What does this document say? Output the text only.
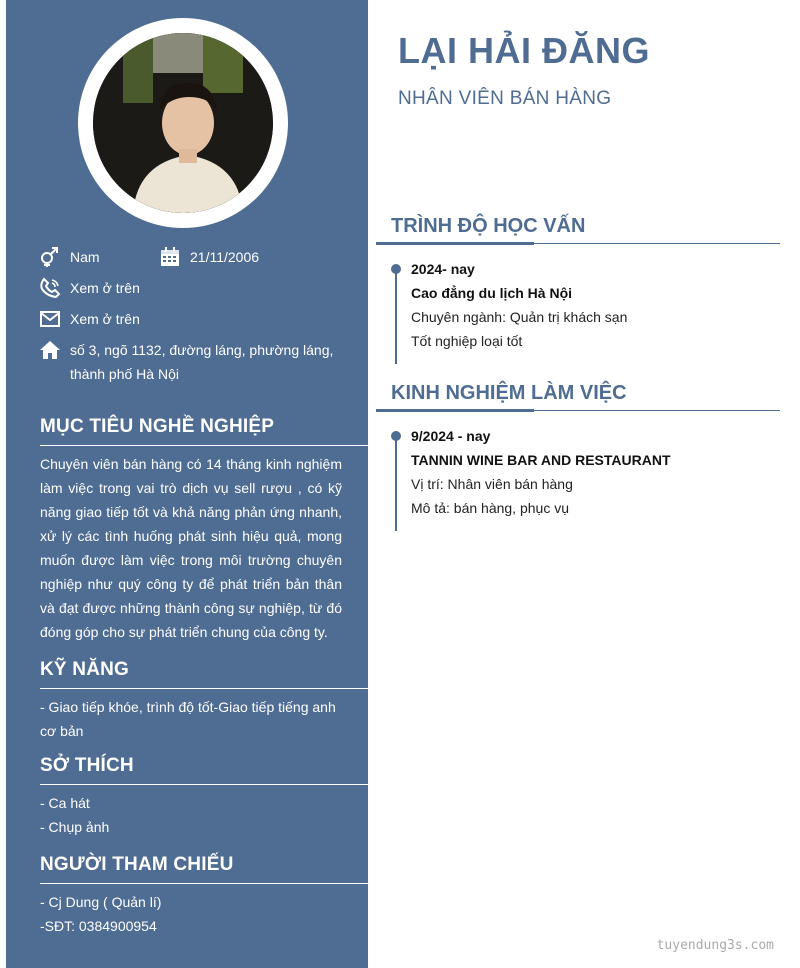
Nam	21/11/2006
Xem ở trên
Xem ở trên
số 3, ngõ 1132, đường láng, phường láng,
thành phố Hà Nội
MỤC TIÊU NGHỀ NGHIỆP
Chuyên viên bán hàng có 14 tháng kinh nghiệm làm việc trong vai trò dịch vụ sell rượu , có kỹ năng giao tiếp tốt và khả năng phản ứng nhanh, xử lý các tình huống phát sinh hiệu quả, mong muốn được làm việc trong môi trường chuyên nghiệp như quý công ty để phát triển bản thân và đạt được những thành công sự nghiệp, từ đó đóng góp cho sự phát triển chung của công ty.
KỸ NĂNG
- Giao tiếp khóe, trình độ tốt-Giao tiếp tiếng anh cơ bản
SỞ THÍCH
- Ca hát
- Chụp ảnh
NGƯỜI THAM CHIẾU
- Cj Dung ( Quản lí)
-SĐT: 0384900954
LẠI HẢI ĐĂNG
NHÂN VIÊN BÁN HÀNG
TRÌNH ĐỘ HỌC VẤN
2024- nay
Cao đẳng du lịch Hà Nội
Chuyên ngành: Quản trị khách sạn
Tốt nghiệp loại tốt
KINH NGHIỆM LÀM VIỆC
9/2024 - nay
TANNIN WINE BAR AND RESTAURANT
Vị trí: Nhân viên bán hàng
Mô tả: bán hàng, phục vụ
tuyendung3s.com
